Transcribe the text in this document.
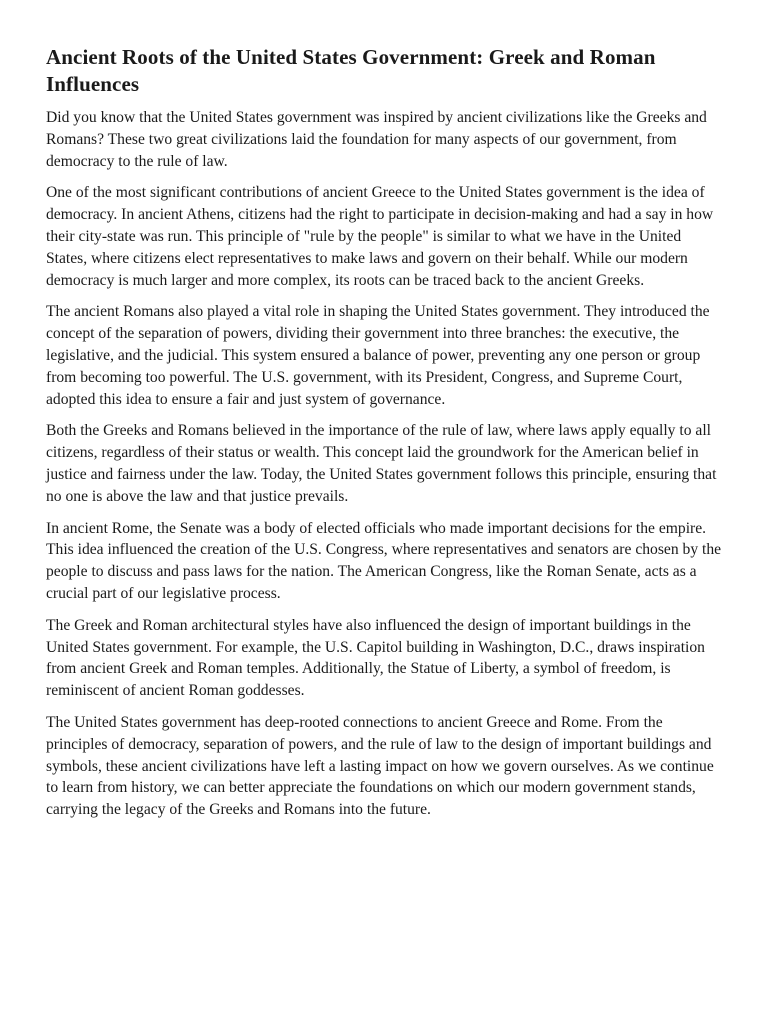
Ancient Roots of the United States Government: Greek and Roman Influences

Did you know that the United States government was inspired by ancient civilizations like the Greeks and Romans? These two great civilizations laid the foundation for many aspects of our government, from democracy to the rule of law.

One of the most significant contributions of ancient Greece to the United States government is the idea of democracy. In ancient Athens, citizens had the right to participate in decision-making and had a say in how their city-state was run. This principle of "rule by the people" is similar to what we have in the United States, where citizens elect representatives to make laws and govern on their behalf. While our modern democracy is much larger and more complex, its roots can be traced back to the ancient Greeks.

The ancient Romans also played a vital role in shaping the United States government. They introduced the concept of the separation of powers, dividing their government into three branches: the executive, the legislative, and the judicial. This system ensured a balance of power, preventing any one person or group from becoming too powerful. The U.S. government, with its President, Congress, and Supreme Court, adopted this idea to ensure a fair and just system of governance.

Both the Greeks and Romans believed in the importance of the rule of law, where laws apply equally to all citizens, regardless of their status or wealth. This concept laid the groundwork for the American belief in justice and fairness under the law. Today, the United States government follows this principle, ensuring that no one is above the law and that justice prevails.

In ancient Rome, the Senate was a body of elected officials who made important decisions for the empire. This idea influenced the creation of the U.S. Congress, where representatives and senators are chosen by the people to discuss and pass laws for the nation. The American Congress, like the Roman Senate, acts as a crucial part of our legislative process.

The Greek and Roman architectural styles have also influenced the design of important buildings in the United States government. For example, the U.S. Capitol building in Washington, D.C., draws inspiration from ancient Greek and Roman temples. Additionally, the Statue of Liberty, a symbol of freedom, is reminiscent of ancient Roman goddesses.

The United States government has deep-rooted connections to ancient Greece and Rome. From the principles of democracy, separation of powers, and the rule of law to the design of important buildings and symbols, these ancient civilizations have left a lasting impact on how we govern ourselves. As we continue to learn from history, we can better appreciate the foundations on which our modern government stands, carrying the legacy of the Greeks and Romans into the future.
